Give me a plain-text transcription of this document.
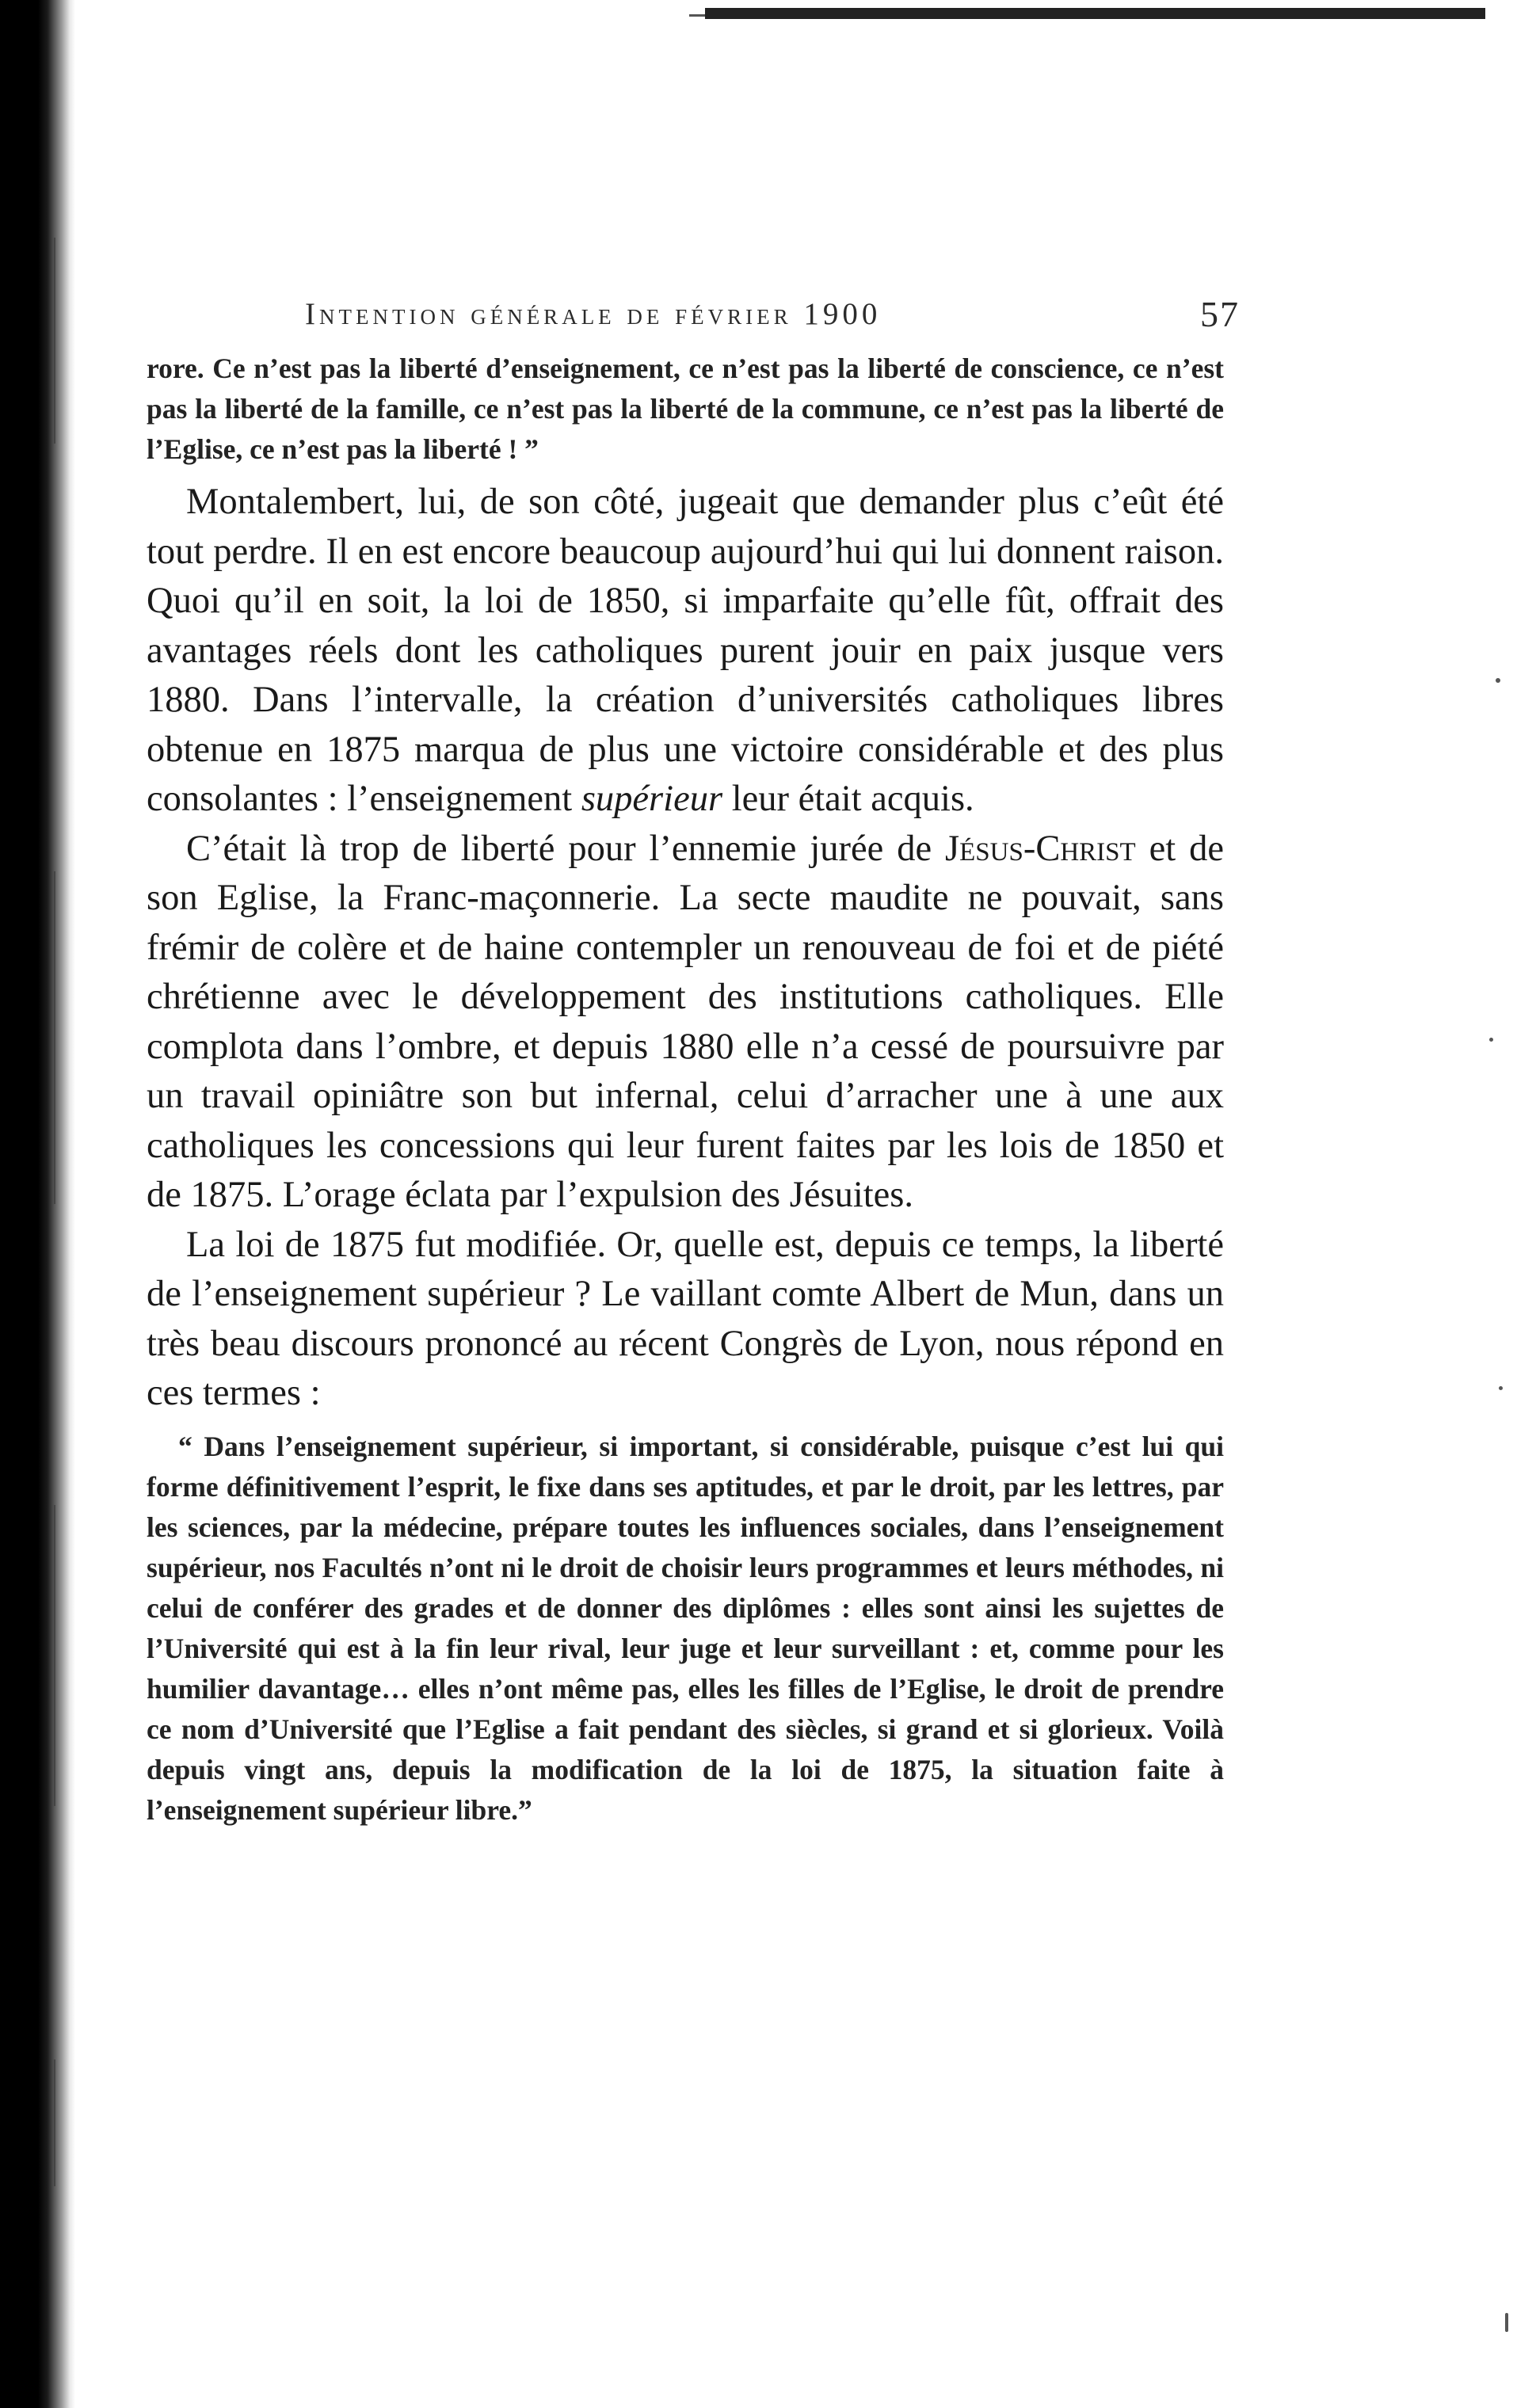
Intention générale de février 1900	57

rore. Ce n’est pas la liberté d’enseignement, ce n’est pas la liberté de conscience, ce n’est pas la liberté de la famille, ce n’est pas la liberté de la commune, ce n’est pas la liberté de l’Eglise, ce n’est pas la liberté ! ”

Montalembert, lui, de son côté, jugeait que demander plus c’eût été tout perdre. Il en est encore beaucoup aujourd’hui qui lui donnent raison. Quoi qu’il en soit, la loi de 1850, si imparfaite qu’elle fût, offrait des avantages réels dont les catholiques purent jouir en paix jusque vers 1880. Dans l’intervalle, la création d’universités catholiques libres obtenue en 1875 marqua de plus une victoire considérable et des plus consolantes : l’enseignement supérieur leur était acquis.

C’était là trop de liberté pour l’ennemie jurée de Jésus-Christ et de son Eglise, la Franc-maçonnerie. La secte maudite ne pouvait, sans frémir de colère et de haine contempler un renouveau de foi et de piété chrétienne avec le développement des institutions catholiques. Elle complota dans l’ombre, et depuis 1880 elle n’a cessé de poursuivre par un travail opiniâtre son but infernal, celui d’arracher une à une aux catholiques les concessions qui leur furent faites par les lois de 1850 et de 1875. L’orage éclata par l’expulsion des Jésuites.

La loi de 1875 fut modifiée. Or, quelle est, depuis ce temps, la liberté de l’enseignement supérieur ? Le vaillant comte Albert de Mun, dans un très beau discours prononcé au récent Congrès de Lyon, nous répond en ces termes :

“ Dans l’enseignement supérieur, si important, si considérable, puisque c’est lui qui forme définitivement l’esprit, le fixe dans ses aptitudes, et par le droit, par les lettres, par les sciences, par la médecine, prépare toutes les influences sociales, dans l’enseignement supérieur, nos Facultés n’ont ni le droit de choisir leurs programmes et leurs méthodes, ni celui de conférer des grades et de donner des diplômes : elles sont ainsi les sujettes de l’Université qui est à la fin leur rival, leur juge et leur surveillant : et, comme pour les humilier davantage… elles n’ont même pas, elles les filles de l’Eglise, le droit de prendre ce nom d’Université que l’Eglise a fait pendant des siècles, si grand et si glorieux. Voilà depuis vingt ans, depuis la modification de la loi de 1875, la situation faite à l’enseignement supérieur libre.”
